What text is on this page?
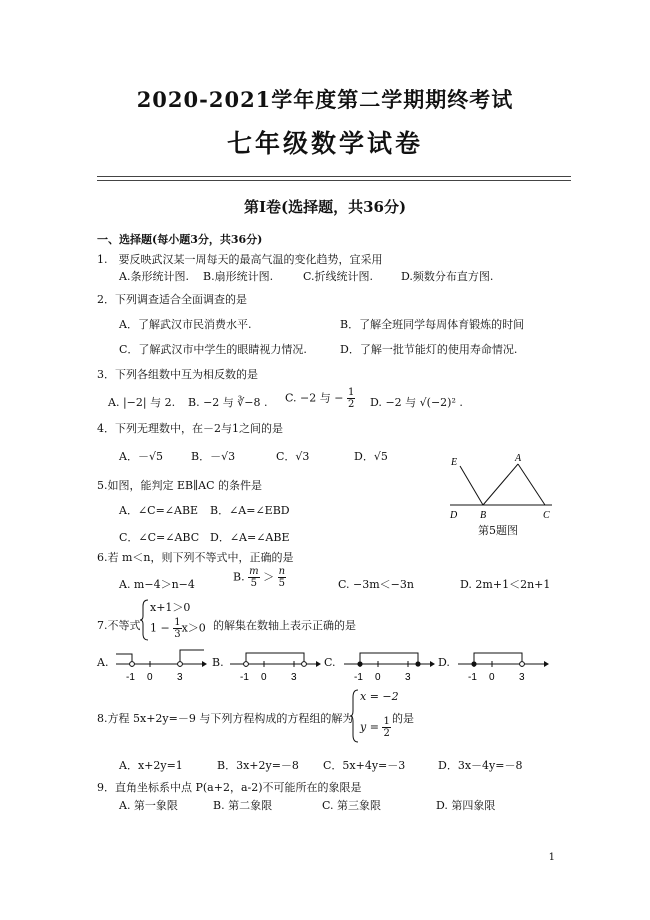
2020-2021学年度第二学期期终考试
七年级数学试卷
第Ⅰ卷(选择题，共36分)
一、选择题(每小题3分，共36分)
1.　要反映武汉某一周每天的最高气温的变化趋势，宜采用
A.条形统计图. B.扇形统计图.	C.折线统计图.	D.频数分布直方图.
2．下列调查适合全面调查的是
A．了解武汉市民消费水平.	B．了解全班同学每周体育锻炼的时间
C．了解武汉市中学生的眼睛视力情况.	D．了解一批节能灯的使用寿命情况.
3．下列各组数中互为相反数的是
A. |−2| 与 2. B. −2 与 ∛−8 . C. −2 与 − $\frac{1}{2} D$. −2 与 √(−2)² .
4．下列无理数中，在－2与1之间的是
A．－√5	B．－√3	C．√3	D．√5
5.如图，能判定 EB∥AC 的条件是
A．∠C=∠ABE B．∠A=∠EBD
C．∠C=∠ABC D．∠A=∠ABE
E	A
D B	C
第5题图
6.若 m＜n，则下列不等式中，正确的是
A. m−4＞n−4
B. $\frac{m}{5} > \frac{n}{5}$	C. −3m＜−3n	D. 2m+1＜2n+1
7.不等式
x+1＞0
$1 - \frac{1}{3} x>0$ 的解集在数轴上表示正确的是
A.
-1 0 3
B.
-1 0 3
C.
-1 0 3
D.
-1 0 3
8.方程 5x+2y=－9 与下列方程构成的方程组的解为
x = −2
$y = \frac{1}{2}$ 的是
A．x+2y=1	B．3x+2y=－8 C．5x+4y=－3	D．3x－4y=－8
9．直角坐标系中点 P(a+2，a-2)不可能所在的象限是
A. 第一象限	B. 第二象限	C. 第三象限	D. 第四象限
1
